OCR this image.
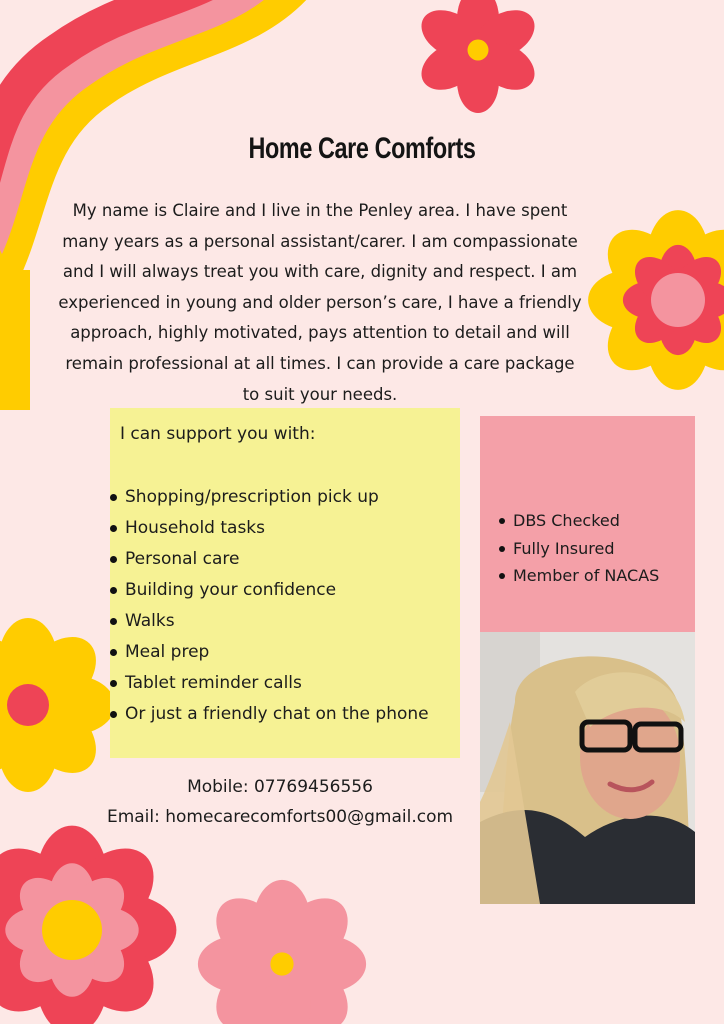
Home Care Comforts

My name is Claire and I live in the Penley area. I have spent many years as a personal assistant/carer. I am compassionate and I will always treat you with care, dignity and respect. I am experienced in young and older person’s care, I have a friendly approach, highly motivated, pays attention to detail and will remain professional at all times. I can provide a care package to suit your needs.

I can support you with:
Shopping/prescription pick up
Household tasks
Personal care
Building your confidence
Walks
Meal prep
Tablet reminder calls
Or just a friendly chat on the phone
DBS Checked
Fully Insured
Member of NACAS
Mobile: 07769456556
Email: homecarecomforts00@gmail.com
